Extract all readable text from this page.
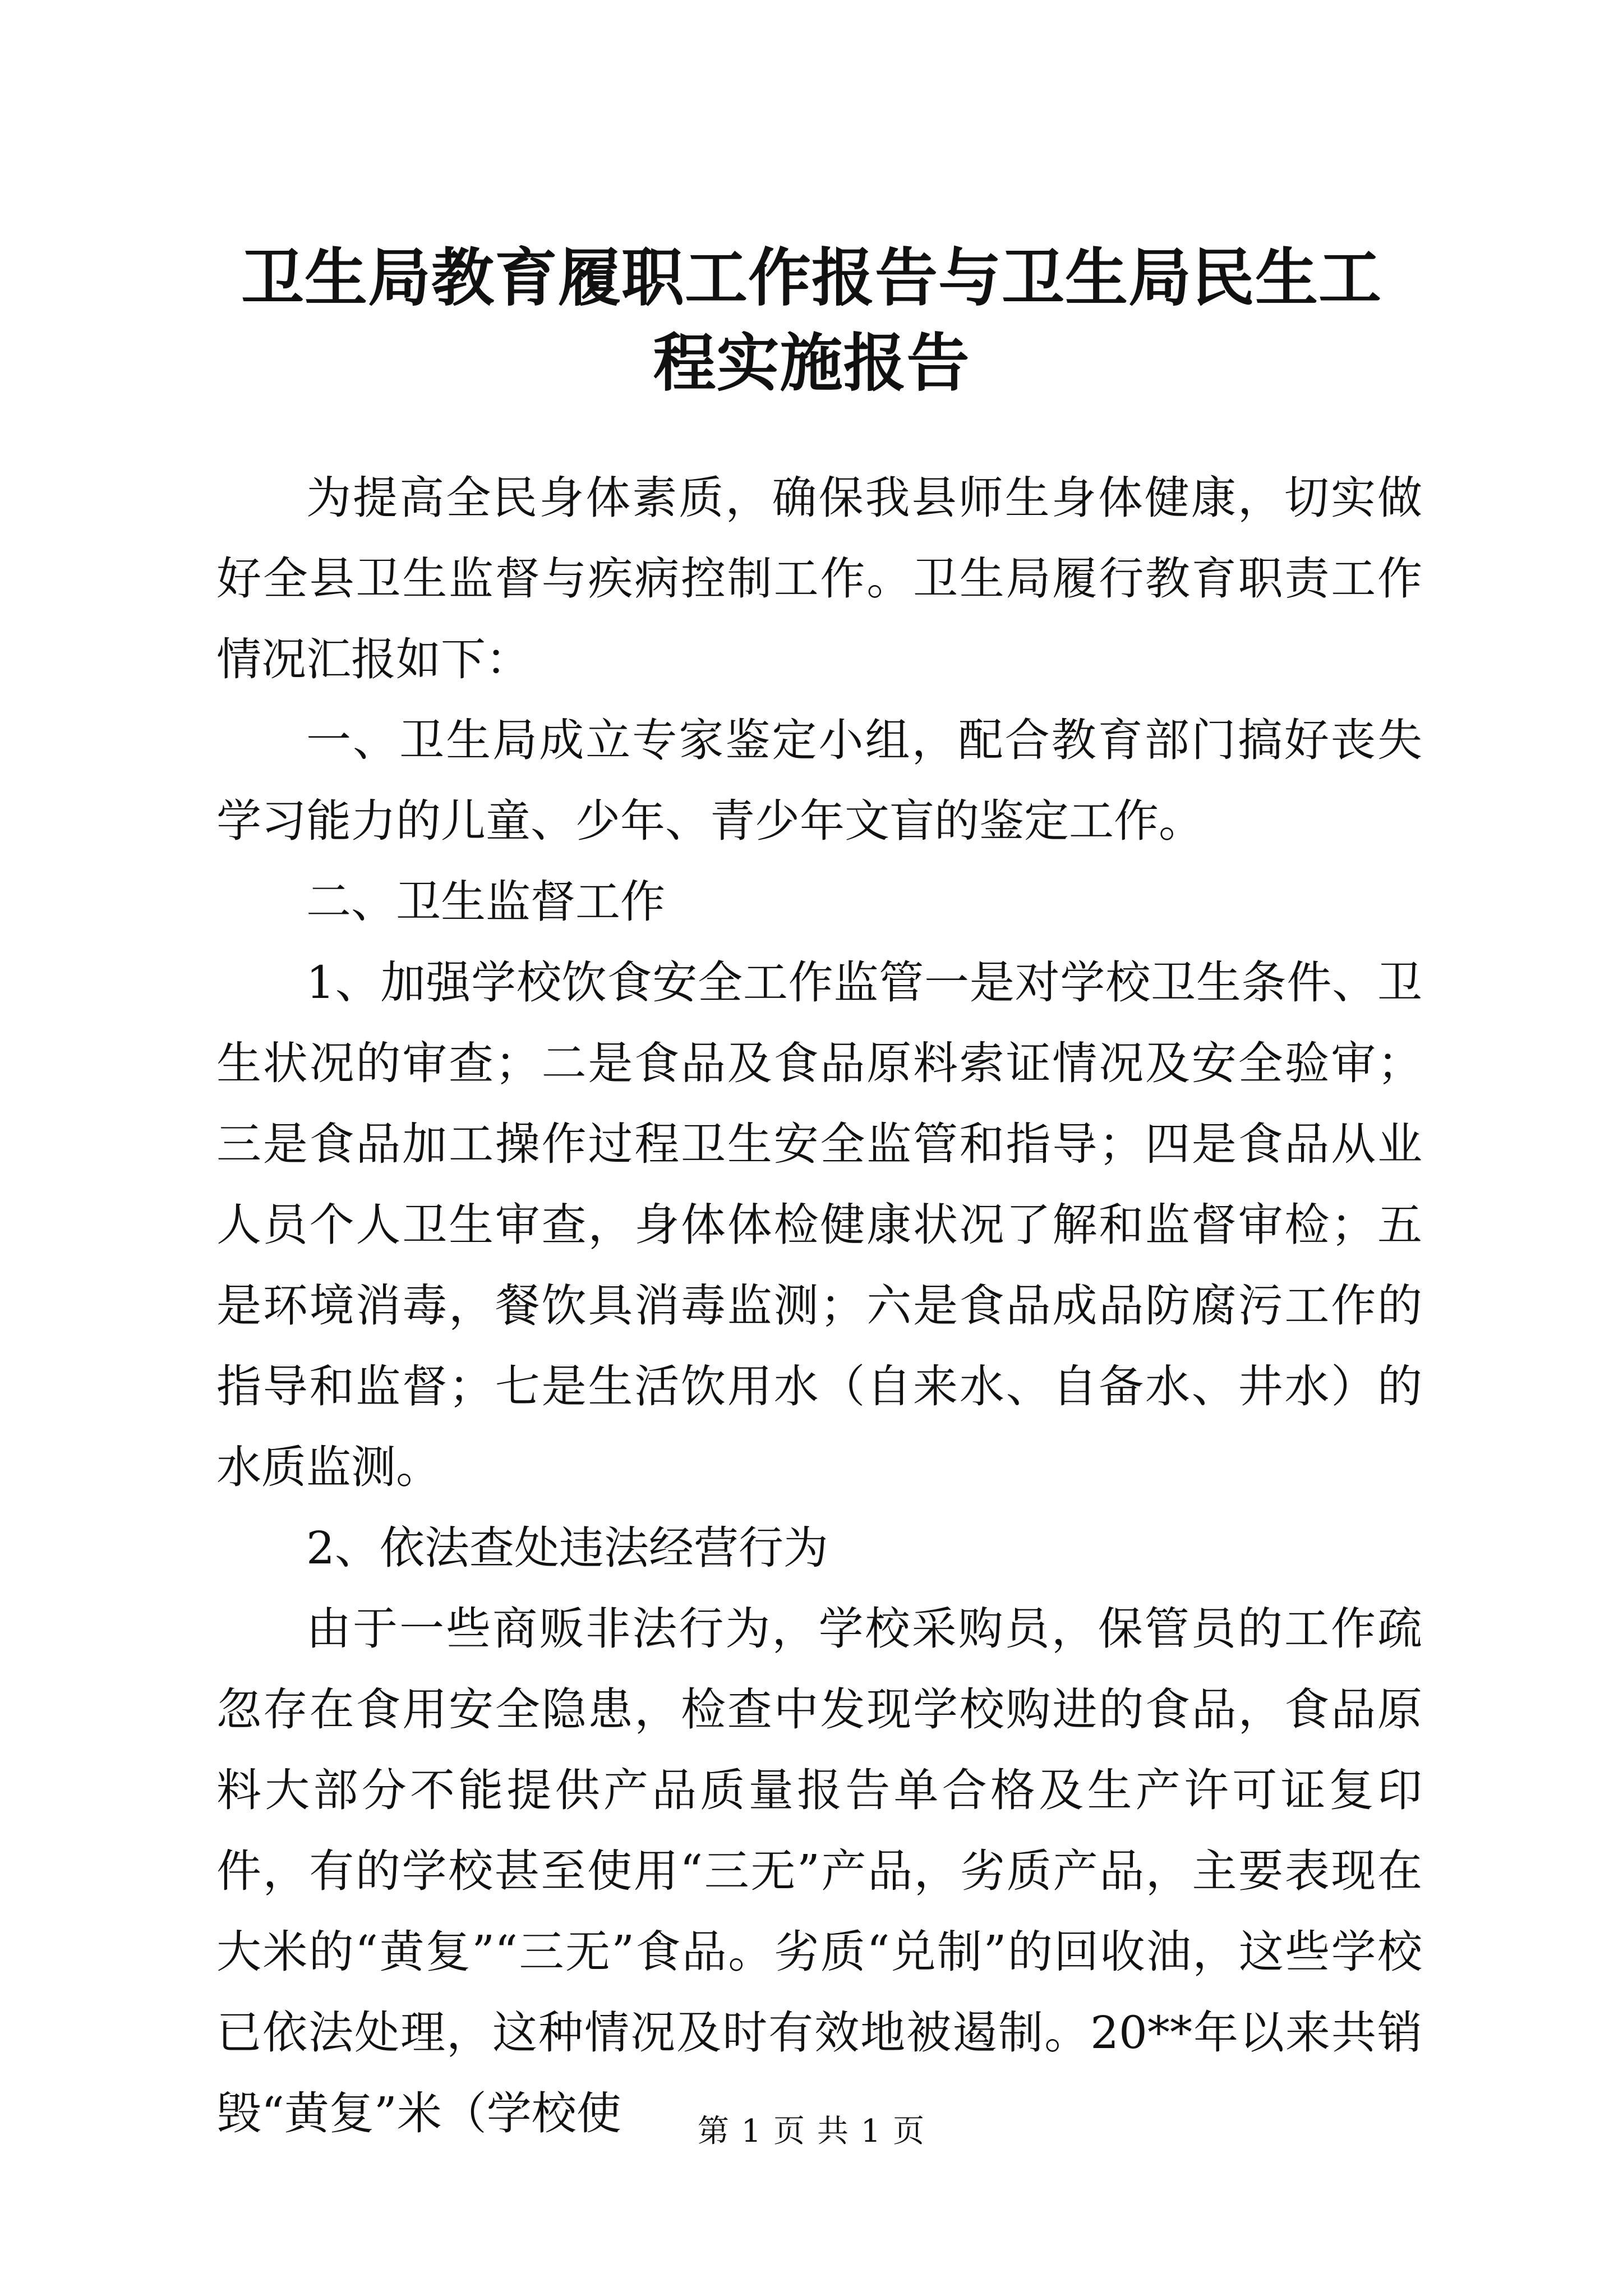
卫生局教育履职工作报告与卫生局民生工程实施报告

为提高全民身体素质，确保我县师生身体健康，切实做好全县卫生监督与疾病控制工作。卫生局履行教育职责工作情况汇报如下：

一、卫生局成立专家鉴定小组，配合教育部门搞好丧失学习能力的儿童、少年、青少年文盲的鉴定工作。

二、卫生监督工作

1、加强学校饮食安全工作监管一是对学校卫生条件、卫生状况的审查；二是食品及食品原料索证情况及安全验审；三是食品加工操作过程卫生安全监管和指导；四是食品从业人员个人卫生审查，身体体检健康状况了解和监督审检；五是环境消毒，餐饮具消毒监测；六是食品成品防腐污工作的指导和监督；七是生活饮用水（自来水、自备水、井水）的水质监测。

2、依法查处违法经营行为

由于一些商贩非法行为，学校采购员，保管员的工作疏忽存在食用安全隐患，检查中发现学校购进的食品，食品原料大部分不能提供产品质量报告单合格及生产许可证复印件，有的学校甚至使用“三无”产品，劣质产品，主要表现在大米的“黄复”“三无”食品。劣质“兑制”的回收油，这些学校已依法处理，这种情况及时有效地被遏制。20**年以来共销毁“黄复”米（学校使	第 1 页 共 1 页
